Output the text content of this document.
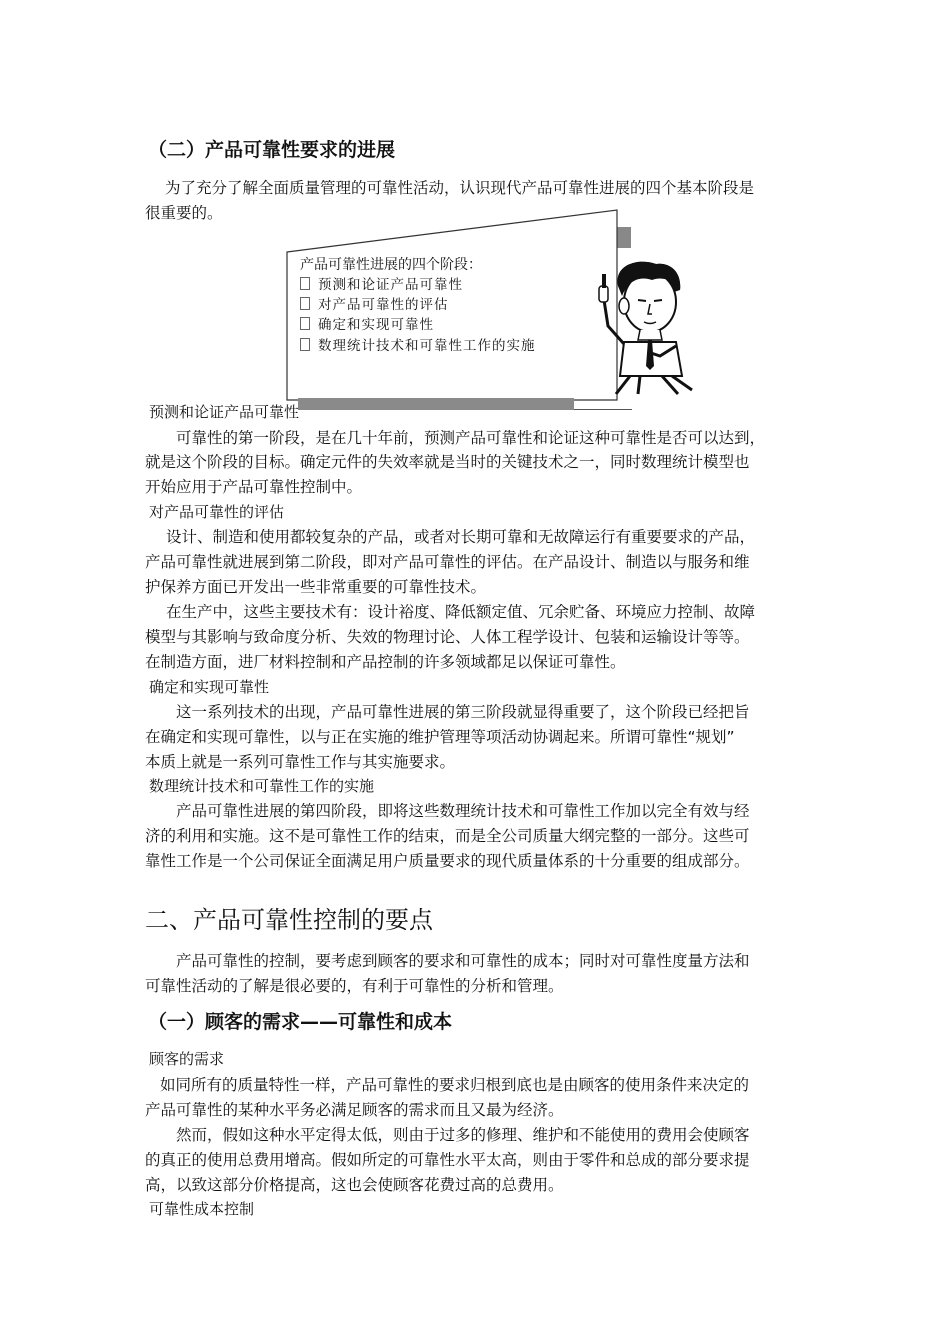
（二）产品可靠性要求的进展
为了充分了解全面质量管理的可靠性活动，认识现代产品可靠性进展的四个基本阶段是
很重要的。
产品可靠性进展的四个阶段：
预测和论证产品可靠性
对产品可靠性的评估
确定和实现可靠性
数理统计技术和可靠性工作的实施
预测和论证产品可靠性
可靠性的第一阶段，是在几十年前，预测产品可靠性和论证这种可靠性是否可以达到，
就是这个阶段的目标。确定元件的失效率就是当时的关键技术之一，同时数理统计模型也
开始应用于产品可靠性控制中。
对产品可靠性的评估
设计、制造和使用都较复杂的产品，或者对长期可靠和无故障运行有重要要求的产品，
产品可靠性就进展到第二阶段，即对产品可靠性的评估。在产品设计、制造以与服务和维
护保养方面已开发出一些非常重要的可靠性技术。
在生产中，这些主要技术有：设计裕度、降低额定值、冗余贮备、环境应力控制、故障
模型与其影响与致命度分析、失效的物理讨论、人体工程学设计、包装和运输设计等等。
在制造方面，进厂材料控制和产品控制的许多领域都足以保证可靠性。
确定和实现可靠性
这一系列技术的出现，产品可靠性进展的第三阶段就显得重要了，这个阶段已经把旨
在确定和实现可靠性，以与正在实施的维护管理等项活动协调起来。所谓可靠性“规划”
本质上就是一系列可靠性工作与其实施要求。
数理统计技术和可靠性工作的实施
产品可靠性进展的第四阶段，即将这些数理统计技术和可靠性工作加以完全有效与经
济的利用和实施。这不是可靠性工作的结束，而是全公司质量大纲完整的一部分。这些可
靠性工作是一个公司保证全面满足用户质量要求的现代质量体系的十分重要的组成部分。
二、产品可靠性控制的要点
产品可靠性的控制，要考虑到顾客的要求和可靠性的成本；同时对可靠性度量方法和
可靠性活动的了解是很必要的，有利于可靠性的分析和管理。
（一）顾客的需求——可靠性和成本
顾客的需求
如同所有的质量特性一样，产品可靠性的要求归根到底也是由顾客的使用条件来决定的
产品可靠性的某种水平务必满足顾客的需求而且又最为经济。
然而，假如这种水平定得太低，则由于过多的修理、维护和不能使用的费用会使顾客
的真正的使用总费用增高。假如所定的可靠性水平太高，则由于零件和总成的部分要求提
高，以致这部分价格提高，这也会使顾客花费过高的总费用。
可靠性成本控制
